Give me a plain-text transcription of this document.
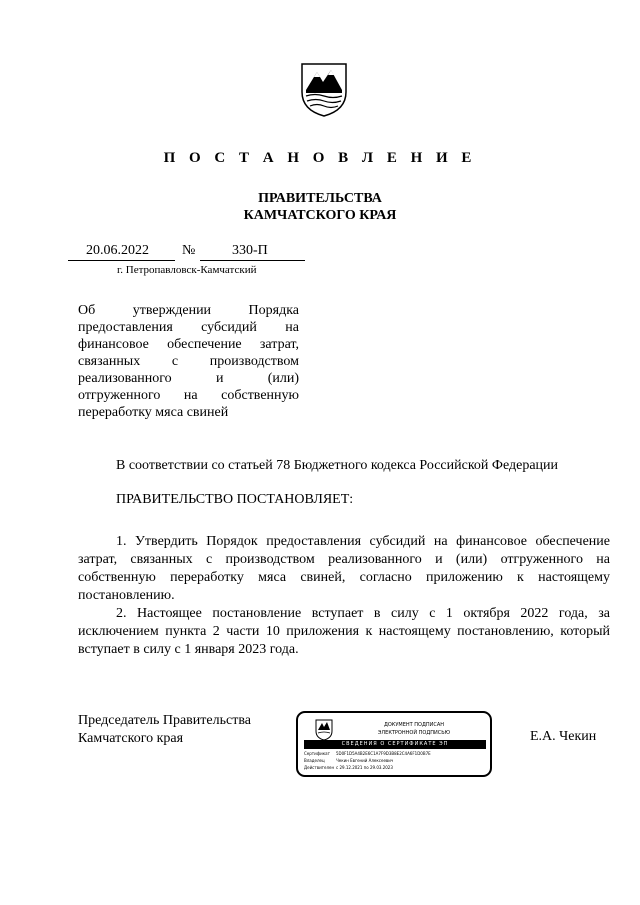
П О С Т А Н О В Л Е Н И Е
ПРАВИТЕЛЬСТВА
КАМЧАТСКОГО КРАЯ
20.06.2022 №	330-П
г. Петропавловск-Камчатский
Об утверждении Порядка предоставления субсидий на финансовое обеспечение затрат, связанных с производством реализованного и (или) отгруженного на собственную переработку мяса свиней
В соответствии со статьей 78 Бюджетного кодекса Российской Федерации
ПРАВИТЕЛЬСТВО ПОСТАНОВЛЯЕТ:
1. Утвердить Порядок предоставления субсидий на финансовое обеспечение затрат, связанных с производством реализованного и (или) отгруженного на собственную переработку мяса свиней, согласно приложению к настоящему постановлению.
2. Настоящее постановление вступает в силу с 1 октября 2022 года, за исключением пункта 2 части 10 приложения к настоящему постановлению, который вступает в силу с 1 января 2023 года.
Председатель Правительства
Камчатского края
ДОКУМЕНТ ПОДПИСАН
ЭЛЕКТРОННОЙ ПОДПИСЬЮ
СВЕДЕНИЯ О СЕРТИФИКАТЕ ЭП
Сертификат	5D0F1D5A4B2E6C1A7F9D3B8E2C4A6F1D0B7E
Владелец	Чекин Евгений Алексеевич
Действителен с 29.12.2021 по 29.03.2023
Е.А. Чекин
